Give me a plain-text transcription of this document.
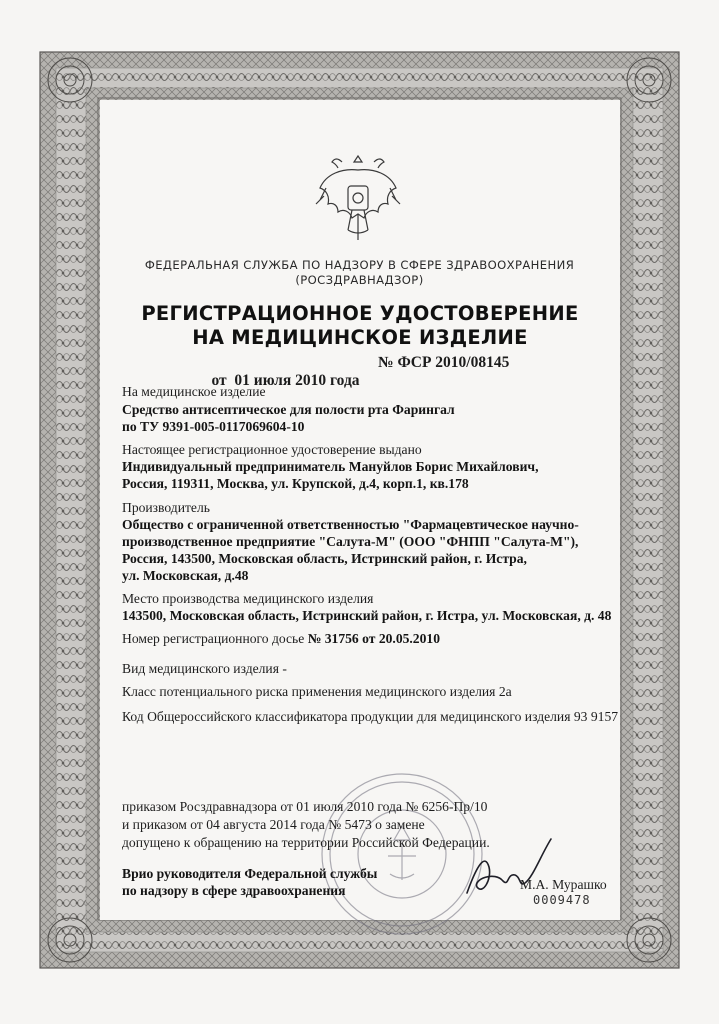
ФЕДЕРАЛЬНАЯ СЛУЖБА ПО НАДЗОРУ В СФЕРЕ ЗДРАВООХРАНЕНИЯ
(РОСЗДРАВНАДЗОР)
РЕГИСТРАЦИОННОЕ УДОСТОВЕРЕНИЕ
НА МЕДИЦИНСКОЕ ИЗДЕЛИЕ

от  01 июля 2010 года

№ ФСР 2010/08145

На медицинское изделие
Средство антисептическое для полости рта Фарингал
по ТУ 9391-005-0117069604-10
Настоящее регистрационное удостоверение выдано
Индивидуальный предприниматель Мануйлов Борис Михайлович,
Россия, 119311, Москва, ул. Крупской, д.4, корп.1, кв.178
Производитель
Общество с ограниченной ответственностью "Фармацевтическое научно-
производственное предприятие "Салута-М" (ООО "ФНПП "Салута-М"),
Россия, 143500, Московская область, Истринский район, г. Истра,
ул. Московская, д.48
Место производства медицинского изделия
143500, Московская область, Истринский район, г. Истра, ул. Московская, д. 48
Номер регистрационного досье № 31756 от 20.05.2010
Вид медицинского изделия -
Класс потенциального риска применения медицинского изделия 2а
Код Общероссийского классификатора продукции для медицинского изделия 93 9157
приказом Росздравнадзора от 01 июля 2010 года № 6256-Пр/10
и приказом от 04 августа 2014 года № 5473 о замене
допущено к обращению на территории Российской Федерации.
Врио руководителя Федеральной службы
по надзору в сфере здравоохранения	М.А. Мурашко
0009478
